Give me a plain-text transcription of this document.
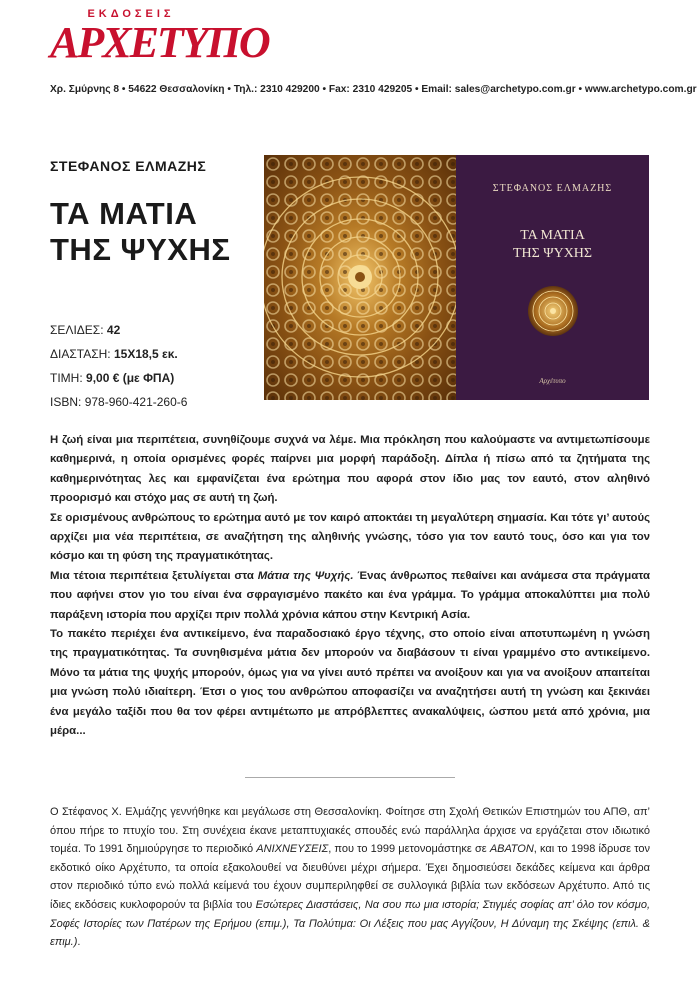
ΕΚΔΟΣΕΙΣ
ΑΡΧΕΤΥΠΟ
Χρ. Σμύρνης 8 • 54622 Θεσσαλονίκη • Τηλ.: 2310 429200 • Fax: 2310 429205 • Email: sales@archetypo.com.gr • www.archetypo.com.gr
ΣΤΕΦΑΝΟΣ ΕΛΜΑΖΗΣ
ΤΑ ΜΑΤΙΑ
ΤΗΣ ΨΥΧΗΣ
ΣΕΛΙΔΕΣ: 42
ΔΙΑΣΤΑΣΗ: 15Χ18,5 εκ.
ΤΙΜΗ: 9,00 € (με ΦΠΑ)
ISBN: 978-960-421-260-6
ΣΤΕΦΑΝΟΣ ΕΛΜΑΖΗΣ
ΤΑ ΜΑΤΙΑ
ΤΗΣ ΨΥΧΗΣ
Αρχέτυπο

Η ζωή είναι μια περιπέτεια, συνηθίζουμε συχνά να λέμε. Μια πρόκληση που καλούμαστε να αντιμετωπίσουμε καθημερινά, η οποία ορισμένες φορές παίρνει μια μορφή παράδοξη. Δίπλα ή πίσω από τα ζητήματα της καθημερινότητας λες και εμφανίζεται ένα ερώτημα που αφορά στον ίδιο μας τον εαυτό, στον αληθινό προορισμό και στόχο μας σε αυτή τη ζωή.

Σε ορισμένους ανθρώπους το ερώτημα αυτό με τον καιρό αποκτάει τη μεγαλύτερη σημασία. Και τότε γι’ αυτούς αρχίζει μια νέα περιπέτεια, σε αναζήτηση της αληθινής γνώσης, τόσο για τον εαυτό τους, όσο και για τον κόσμο και τη φύση της πραγματικότητας.

Μια τέτοια περιπέτεια ξετυλίγεται στα Μάτια της Ψυχής. Ένας άνθρωπος πεθαίνει και ανάμεσα στα πράγματα που αφήνει στον γιο του είναι ένα σφραγισμένο πακέτο και ένα γράμμα. Το γράμμα αποκαλύπτει μια πολύ παράξενη ιστορία που αρχίζει πριν πολλά χρόνια κάπου στην Κεντρική Ασία.

Το πακέτο περιέχει ένα αντικείμενο, ένα παραδοσιακό έργο τέχνης, στο οποίο είναι αποτυπωμένη η γνώση της πραγματικότητας. Τα συνηθισμένα μάτια δεν μπορούν να διαβάσουν τι είναι γραμμένο στο αντικείμενο. Μόνο τα μάτια της ψυχής μπορούν, όμως για να γίνει αυτό πρέπει να ανοίξουν και για να ανοίξουν απαιτείται μια γνώση πολύ ιδιαίτερη. Έτσι ο γιος του ανθρώπου αποφασίζει να αναζητήσει αυτή τη γνώση και ξεκινάει ένα μεγάλο ταξίδι που θα τον φέρει αντιμέτωπο με απρόβλεπτες ανακαλύψεις, ώσπου μετά από χρόνια, μια μέρα...

Ο Στέφανος Χ. Ελμάζης γεννήθηκε και μεγάλωσε στη Θεσσαλονίκη. Φοίτησε στη Σχολή Θετικών Επιστημών του ΑΠΘ, απ’ όπου πήρε το πτυχίο του. Στη συνέχεια έκανε μεταπτυχιακές σπουδές ενώ παράλληλα άρχισε να εργάζεται στον ιδιωτικό τομέα. Το 1991 δημιούργησε το περιοδικό ΑΝΙΧΝΕΥΣΕΙΣ, που το 1999 μετονομάστηκε σε ΑΒΑΤΟΝ, και το 1998 ίδρυσε τον εκδοτικό οίκο Αρχέτυπο, τα οποία εξακολουθεί να διευθύνει μέχρι σήμερα. Έχει δημοσιεύσει δεκάδες κείμενα και άρθρα στον περιοδικό τύπο ενώ πολλά κείμενά του έχουν συμπεριληφθεί σε συλλογικά βιβλία των εκδόσεων Αρχέτυπο. Από τις ίδιες εκδόσεις κυκλοφορούν τα βιβλία του Εσώτερες Διαστάσεις, Να σου πω μια ιστορία; Στιγμές σοφίας απ’ όλο τον κόσμο, Σοφές Ιστορίες των Πατέρων της Ερήμου (επιμ.), Τα Πολύτιμα: Οι Λέξεις που μας Αγγίζουν, Η Δύναμη της Σκέψης (επιλ. & επιμ.).
